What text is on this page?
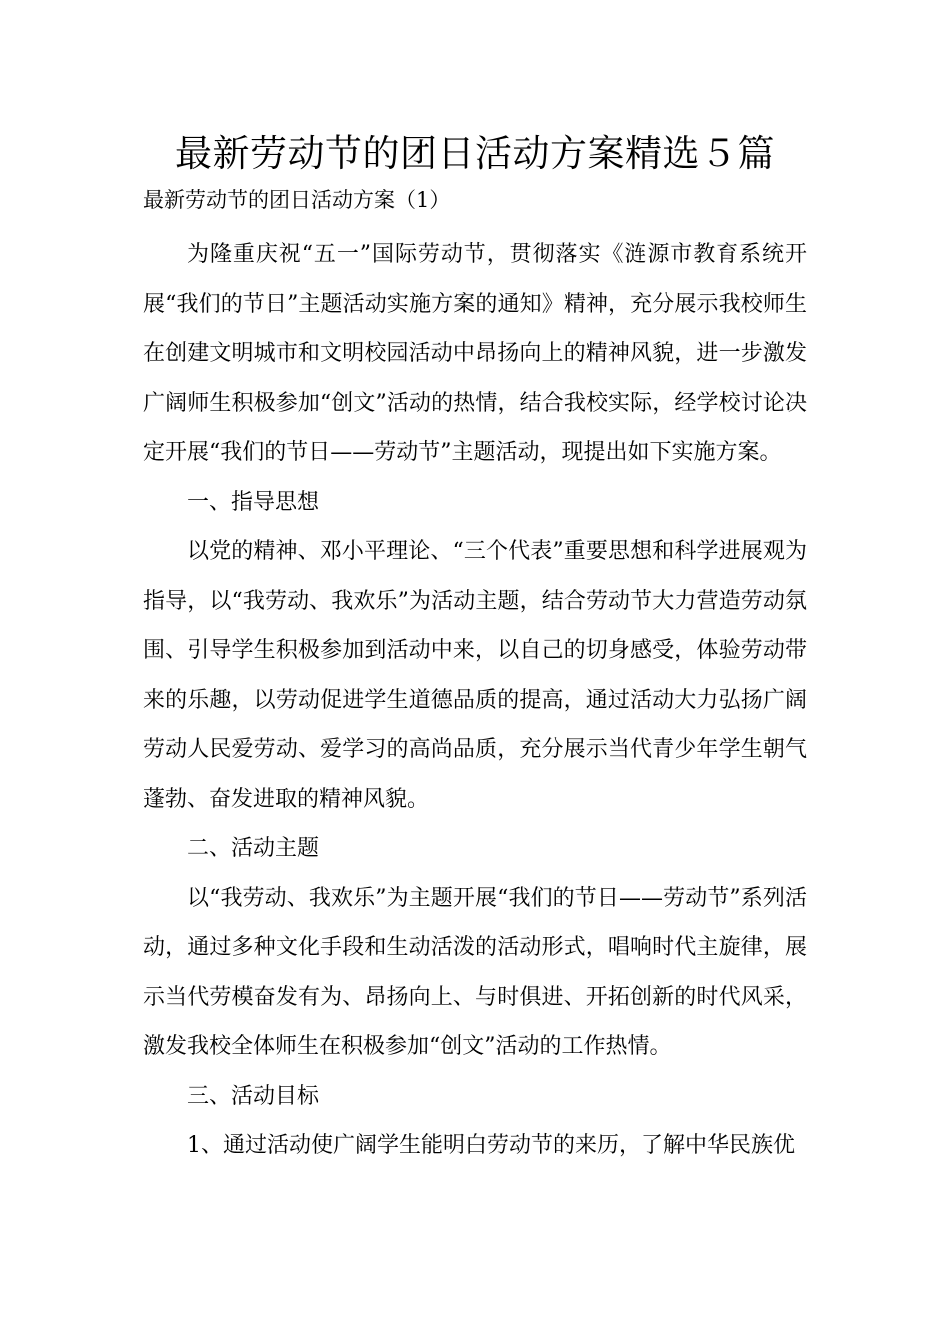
最新劳动节的团日活动方案精选５篇
最新劳动节的团日活动方案（1）

为隆重庆祝“五一”国际劳动节，贯彻落实《涟源市教育系统开展“我们的节日”主题活动实施方案的通知》精神，充分展示我校师生在创建文明城市和文明校园活动中昂扬向上的精神风貌，进一步激发广阔师生积极参加“创文”活动的热情，结合我校实际，经学校讨论决定开展“我们的节日——劳动节”主题活动，现提出如下实施方案。

一、指导思想

以党的精神、邓小平理论、“三个代表”重要思想和科学进展观为指导，以“我劳动、我欢乐”为活动主题，结合劳动节大力营造劳动氛围、引导学生积极参加到活动中来，以自己的切身感受，体验劳动带来的乐趣，以劳动促进学生道德品质的提高，通过活动大力弘扬广阔劳动人民爱劳动、爱学习的高尚品质，充分展示当代青少年学生朝气蓬勃、奋发进取的精神风貌。

二、活动主题

以“我劳动、我欢乐”为主题开展“我们的节日——劳动节”系列活动，通过多种文化手段和生动活泼的活动形式，唱响时代主旋律，展示当代劳模奋发有为、昂扬向上、与时俱进、开拓创新的时代风采，激发我校全体师生在积极参加“创文”活动的工作热情。

三、活动目标

1、通过活动使广阔学生能明白劳动节的来历，了解中华民族优
